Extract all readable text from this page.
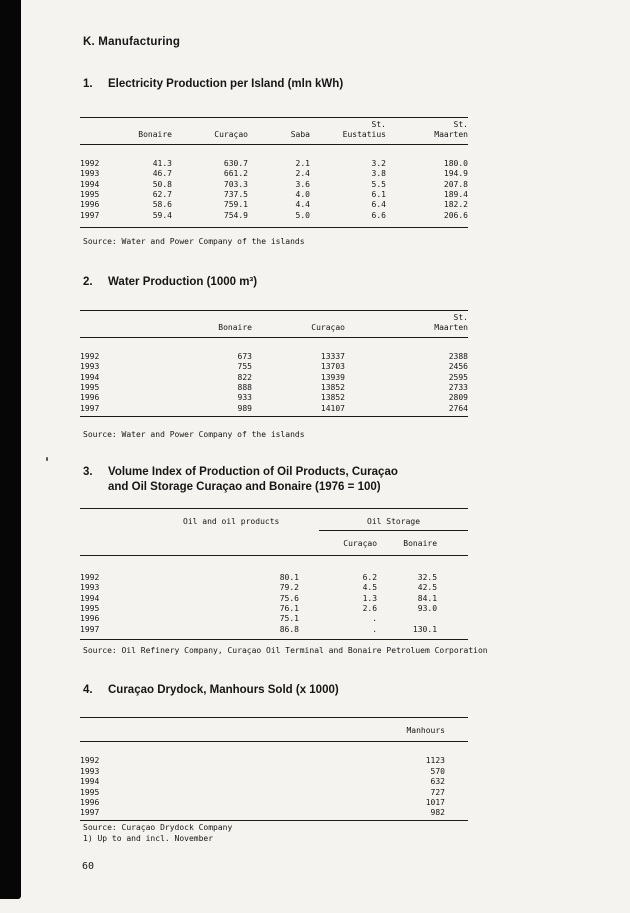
K. Manufacturing
1.	Electricity Production per Island (mln kWh)
				St.	St.
	Bonaire	Curaçao	Saba	Eustatius	Maarten
1992	41.3	630.7	2.1	3.2	180.0
1993	46.7	661.2	2.4	3.8	194.9
1994	50.8	703.3	3.6	5.5	207.8
1995	62.7	737.5	4.0	6.1	189.4
1996	58.6	759.1	4.4	6.4	182.2
1997	59.4	754.9	5.0	6.6	206.6
Source: Water and Power Company of the islands
2.	Water Production (1000 m³)
			St.
	Bonaire	Curaçao	Maarten
1992	673	13337	2388
1993	755	13703	2456
1994	822	13939	2595
1995	888	13852	2733
1996	933	13852	2809
1997	989	14107	2764
Source: Water and Power Company of the islands
3.	Volume Index of Production of Oil Products, Curaçao
and Oil Storage Curaçao and Bonaire (1976 = 100)
Oil and oil products			Oil Storage		
			Curaçao	Bonaire	
1992	80.1		6.2	32.5	
1993	79.2		4.5	42.5	
1994	75.6		1.3	84.1	
1995	76.1		2.6	93.0	
1996	75.1		.		
1997	86.8		.	130.1	
Source: Oil Refinery Company, Curaçao Oil Terminal and Bonaire Petroluem Corporation
4.	Curaçao Drydock, Manhours Sold (x 1000)
	Manhours	
1992	1123	
1993	570	
1994	632	
1995	727	
1996	1017	
1997	982	
Source: Curaçao Drydock Company
1) Up to and incl. November
60
